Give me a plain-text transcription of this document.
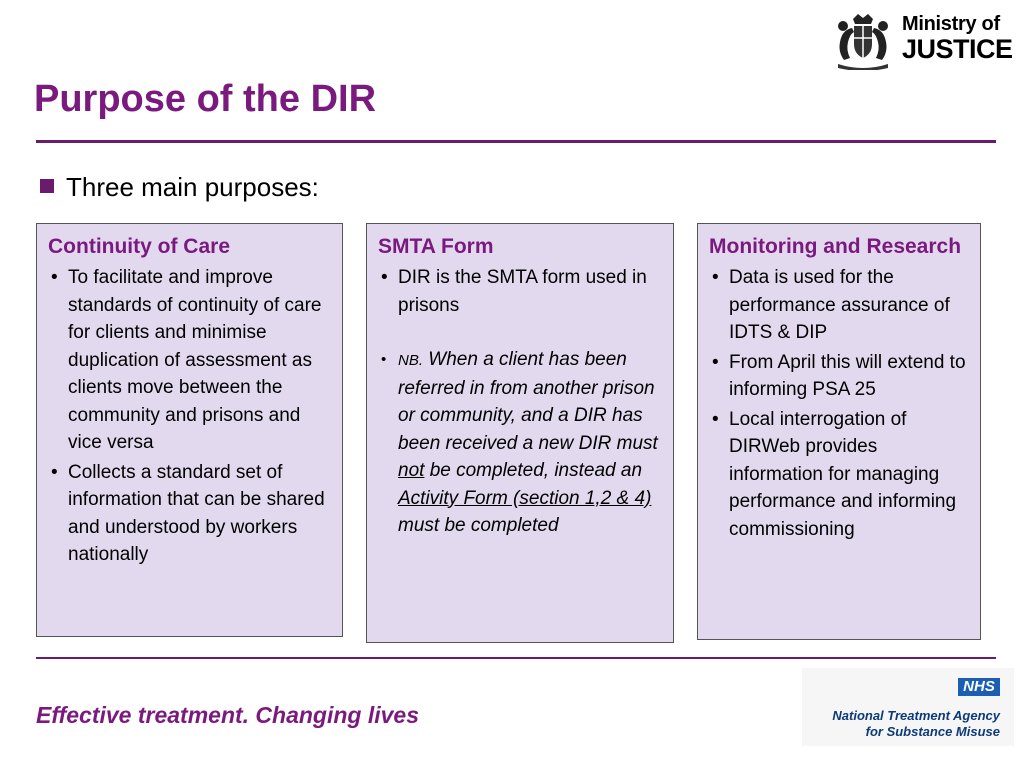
Ministry of
JUSTICE
Purpose of the DIR
Three main purposes:
Continuity of Care
• To facilitate and improve standards of continuity of care for clients and minimise duplication of assessment as clients move between the community and prisons and vice versa
• Collects a standard set of information that can be shared and understood by workers nationally
SMTA Form
• DIR is the SMTA form used in prisons
• NB. When a client has been referred in from another prison or community, and a DIR has been received a new DIR must not be completed, instead an Activity Form (section 1,2 & 4) must be completed
Monitoring and Research
• Data is used for the performance assurance of IDTS & DIP
• From April this will extend to informing PSA 25
• Local interrogation of DIRWeb provides information for managing performance and informing commissioning
Effective treatment. Changing lives
NHS
National Treatment Agency
for Substance Misuse
